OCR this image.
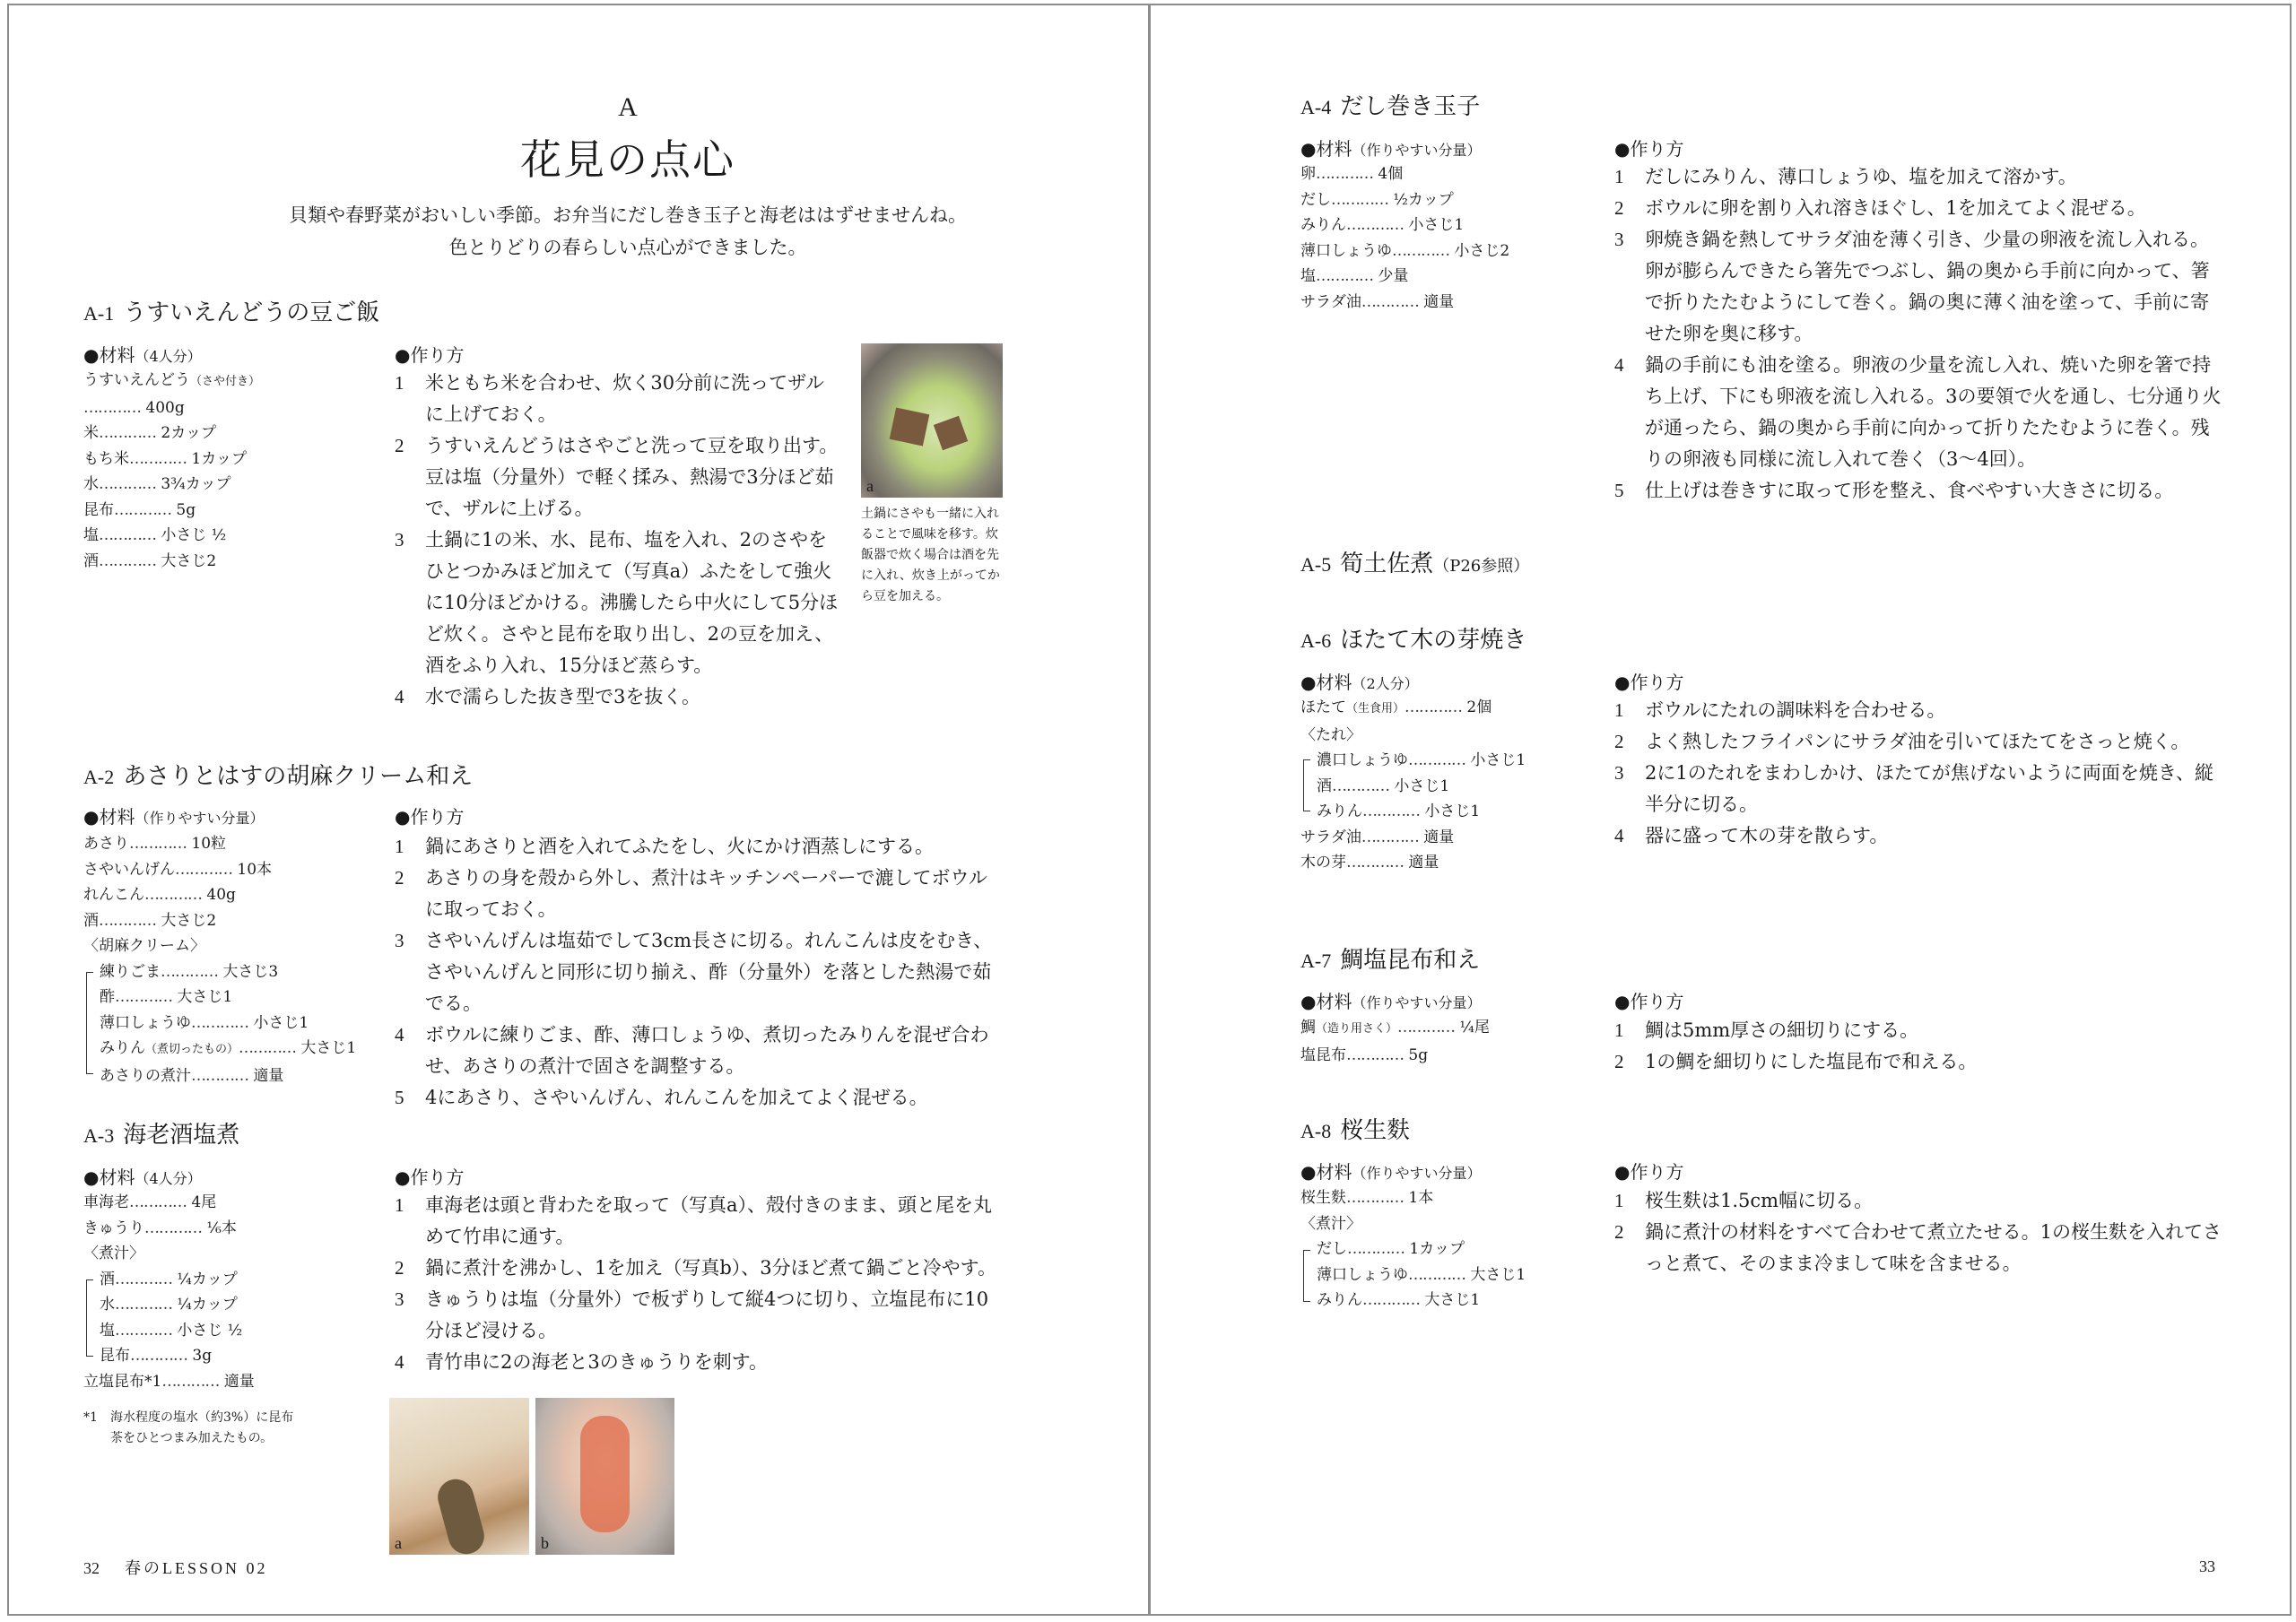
A
花見の点心
貝類や春野菜がおいしい季節。お弁当にだし巻き玉子と海老ははずせませんね。
色とりどりの春らしい点心ができました。
A-1 うすいえんどうの豆ご飯
●材料（4人分）
うすいえんどう（さや付き）
………… 400g
米………… 2カップ
もち米………… 1カップ
水………… 3¾カップ
昆布………… 5g
塩………… 小さじ ½
酒………… 大さじ2
●作り方
1	米ともち米を合わせ、炊く30分前に洗ってザルに上げておく。
2	うすいえんどうはさやごと洗って豆を取り出す。豆は塩（分量外）で軽く揉み、熱湯で3分ほど茹で、ザルに上げる。
3	土鍋に1の米、水、昆布、塩を入れ、2のさやをひとつかみほど加えて（写真a）ふたをして強火に10分ほどかける。沸騰したら中火にして5分ほど炊く。さやと昆布を取り出し、2の豆を加え、酒をふり入れ、15分ほど蒸らす。
4	水で濡らした抜き型で3を抜く。
a
土鍋にさやも一緒に入れることで風味を移す。炊飯器で炊く場合は酒を先に入れ、炊き上がってから豆を加える。
A-2 あさりとはすの胡麻クリーム和え
●材料（作りやすい分量）
あさり………… 10粒
さやいんげん………… 10本
れんこん………… 40g
酒………… 大さじ2
〈胡麻クリーム〉
練りごま………… 大さじ3
酢………… 大さじ1
薄口しょうゆ………… 小さじ1
みりん（煮切ったもの）………… 大さじ1
あさりの煮汁………… 適量
●作り方
1	鍋にあさりと酒を入れてふたをし、火にかけ酒蒸しにする。
2	あさりの身を殻から外し、煮汁はキッチンペーパーで漉してボウルに取っておく。
3	さやいんげんは塩茹でして3cm長さに切る。れんこんは皮をむき、さやいんげんと同形に切り揃え、酢（分量外）を落とした熱湯で茹でる。
4	ボウルに練りごま、酢、薄口しょうゆ、煮切ったみりんを混ぜ合わせ、あさりの煮汁で固さを調整する。
5	4にあさり、さやいんげん、れんこんを加えてよく混ぜる。
A-3 海老酒塩煮
●材料（4人分）
車海老………… 4尾
きゅうり………… ⅙本
〈煮汁〉
酒………… ¼カップ
水………… ¼カップ
塩………… 小さじ ½
昆布………… 3g
立塩昆布*1………… 適量
*1	海水程度の塩水（約3%）に昆布茶をひとつまみ加えたもの。
●作り方
1	車海老は頭と背わたを取って（写真a）、殻付きのまま、頭と尾を丸めて竹串に通す。
2	鍋に煮汁を沸かし、1を加え（写真b）、3分ほど煮て鍋ごと冷やす。
3	きゅうりは塩（分量外）で板ずりして縦4つに切り、立塩昆布に10分ほど浸ける。
4	青竹串に2の海老と3のきゅうりを刺す。
a	b
32 春のLESSON 02
A-4 だし巻き玉子
●材料（作りやすい分量）
卵………… 4個
だし………… ½カップ
みりん………… 小さじ1
薄口しょうゆ………… 小さじ2
塩………… 少量
サラダ油………… 適量
●作り方
1	だしにみりん、薄口しょうゆ、塩を加えて溶かす。
2	ボウルに卵を割り入れ溶きほぐし、1を加えてよく混ぜる。
3	卵焼き鍋を熱してサラダ油を薄く引き、少量の卵液を流し入れる。卵が膨らんできたら箸先でつぶし、鍋の奥から手前に向かって、箸で折りたたむようにして巻く。鍋の奥に薄く油を塗って、手前に寄せた卵を奥に移す。
4	鍋の手前にも油を塗る。卵液の少量を流し入れ、焼いた卵を箸で持ち上げ、下にも卵液を流し入れる。3の要領で火を通し、七分通り火が通ったら、鍋の奥から手前に向かって折りたたむように巻く。残りの卵液も同様に流し入れて巻く（3〜4回）。
5	仕上げは巻きすに取って形を整え、食べやすい大きさに切る。
A-5 筍土佐煮（P26参照）
A-6 ほたて木の芽焼き
●材料（2人分）
ほたて（生食用）………… 2個
〈たれ〉
濃口しょうゆ………… 小さじ1
酒………… 小さじ1
みりん………… 小さじ1
サラダ油………… 適量
木の芽………… 適量
●作り方
1	ボウルにたれの調味料を合わせる。
2	よく熱したフライパンにサラダ油を引いてほたてをさっと焼く。
3	2に1のたれをまわしかけ、ほたてが焦げないように両面を焼き、縦半分に切る。
4	器に盛って木の芽を散らす。
A-7 鯛塩昆布和え
●材料（作りやすい分量）
鯛（造り用さく）………… ¼尾
塩昆布………… 5g
●作り方
1	鯛は5mm厚さの細切りにする。
2	1の鯛を細切りにした塩昆布で和える。
A-8 桜生麩
●材料（作りやすい分量）
桜生麩………… 1本
〈煮汁〉
だし………… 1カップ
薄口しょうゆ………… 大さじ1
みりん………… 大さじ1
●作り方
1	桜生麩は1.5cm幅に切る。
2	鍋に煮汁の材料をすべて合わせて煮立たせる。1の桜生麩を入れてさっと煮て、そのまま冷まして味を含ませる。
33
